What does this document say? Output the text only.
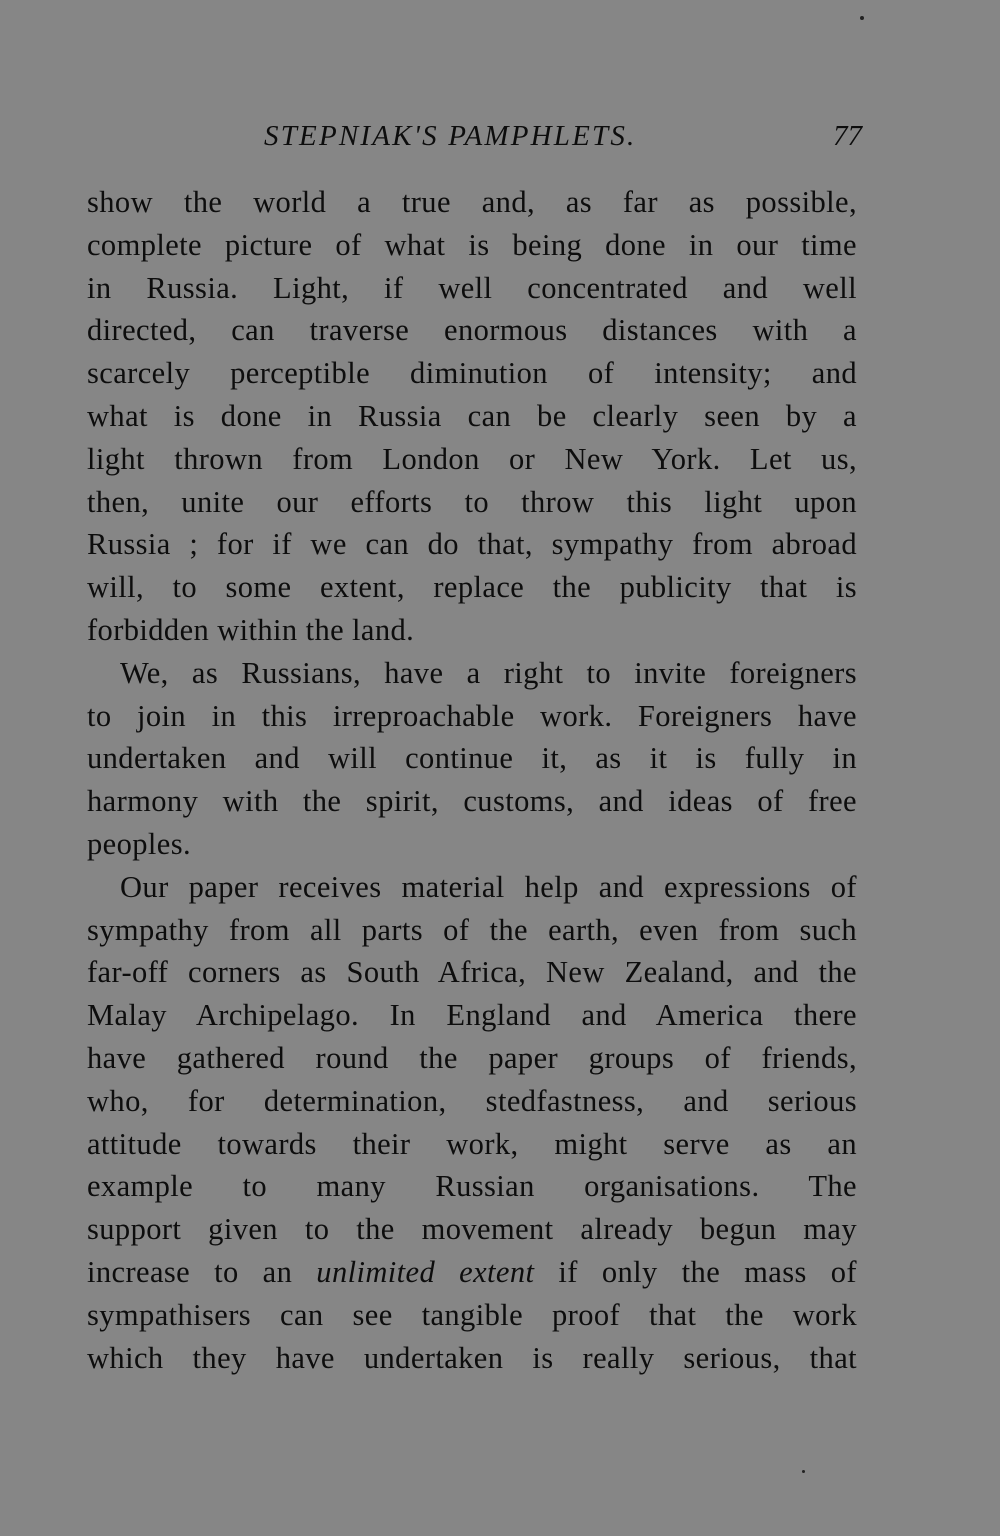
STEPNIAK'S PAMPHLETS.	77
show the world a true and, as far as possible,
complete picture of what is being done in our time
in Russia. Light, if well concentrated and well
directed, can traverse enormous distances with a
scarcely perceptible diminution of intensity; and
what is done in Russia can be clearly seen by a
light thrown from London or New York. Let us,
then, unite our efforts to throw this light upon
Russia ; for if we can do that, sympathy from abroad
will, to some extent, replace the publicity that is
forbidden within the land.
We, as Russians, have a right to invite foreigners
to join in this irreproachable work. Foreigners have
undertaken and will continue it, as it is fully in
harmony with the spirit, customs, and ideas of free
peoples.
Our paper receives material help and expressions of
sympathy from all parts of the earth, even from such
far-off corners as South Africa, New Zealand, and the
Malay Archipelago. In England and America there
have gathered round the paper groups of friends,
who, for determination, stedfastness, and serious
attitude towards their work, might serve as an
example to many Russian organisations. The
support given to the movement already begun may
increase to an unlimited extent if only the mass of
sympathisers can see tangible proof that the work
which they have undertaken is really serious, that
